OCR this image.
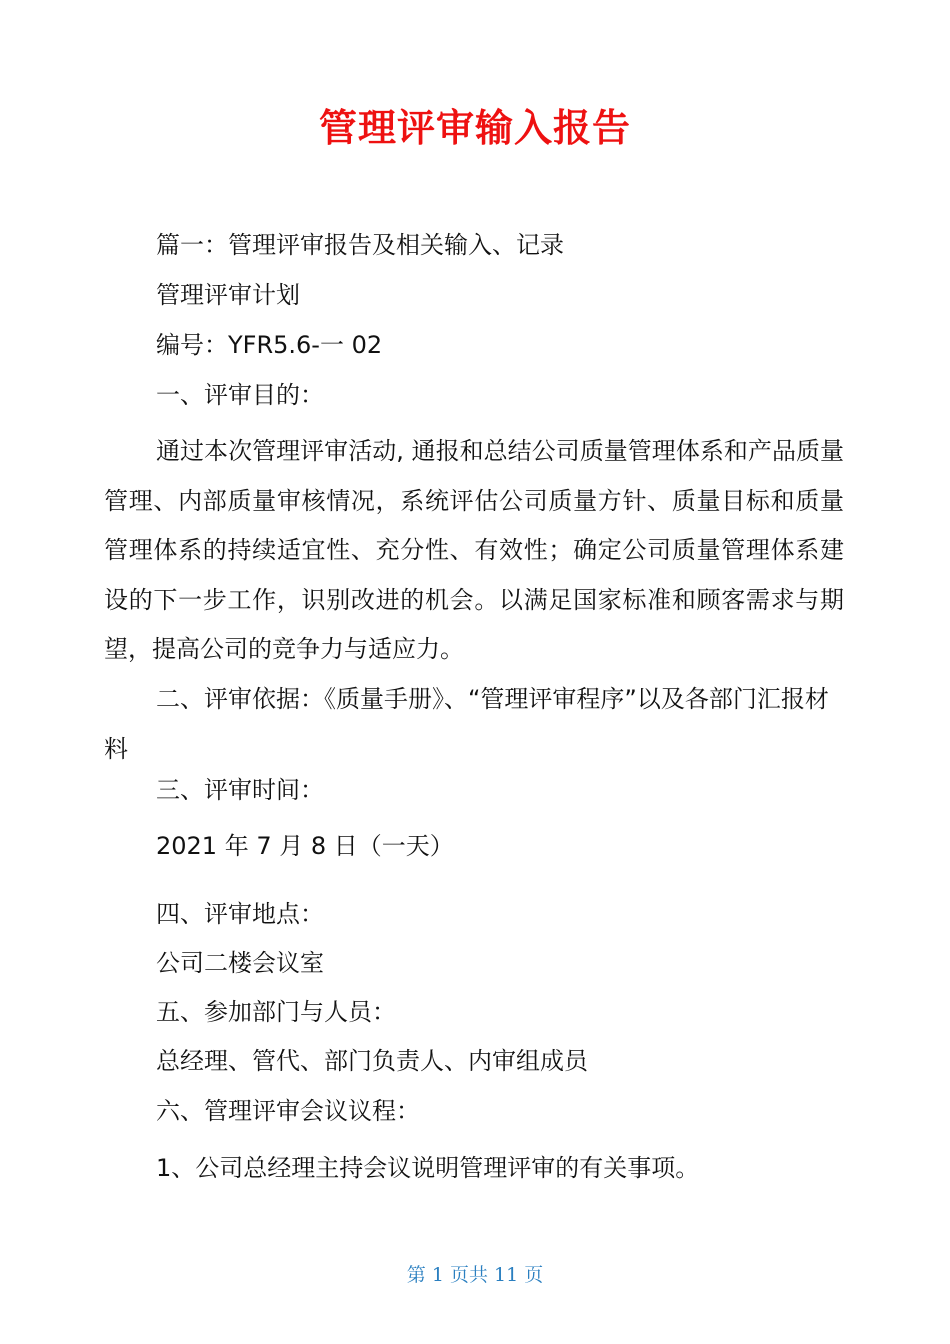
管理评审输入报告
篇一：管理评审报告及相关输入、记录
管理评审计划
编号：YFR5.6-一 02
一、评审目的：
通过本次管理评审活动, 通报和总结公司质量管理体系和产品质量管理、内部质量审核情况，系统评估公司质量方针、质量目标和质量管理体系的持续适宜性、充分性、有效性；确定公司质量管理体系建设的下一步工作，识别改进的机会。以满足国家标准和顾客需求与期望，提高公司的竞争力与适应力。
二、评审依据：《质量手册》、“管理评审程序”以及各部门汇报材料
三、评审时间：
2021 年 7 月 8 日（一天）
四、评审地点：
公司二楼会议室
五、参加部门与人员：
总经理、管代、部门负责人、内审组成员
六、管理评审会议议程：
1、公司总经理主持会议说明管理评审的有关事项。
第 1 页共 11 页
